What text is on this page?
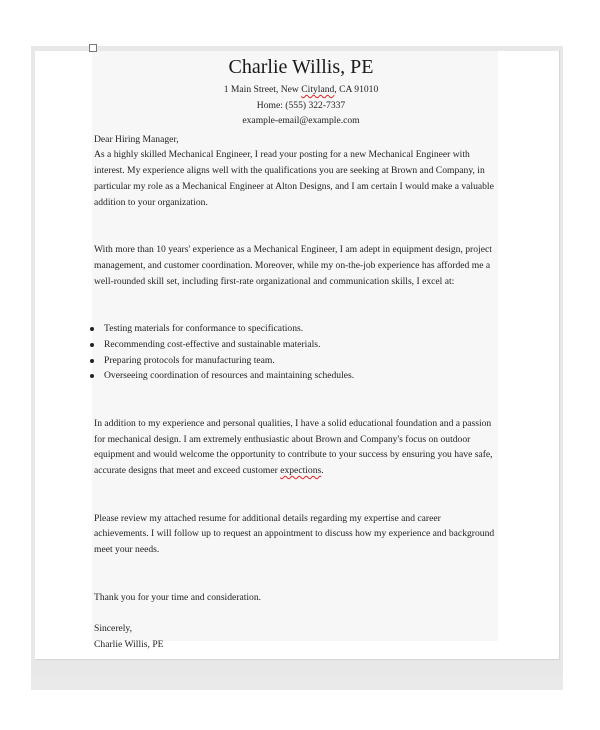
Charlie Willis, PE
1 Main Street, New Cityland, CA 91010
Home: (555) 322-7337
example-email@example.com

Dear Hiring Manager,

As a highly skilled Mechanical Engineer, I read your posting for a new Mechanical Engineer with interest. My experience aligns well with the qualifications you are seeking at Brown and Company, in particular my role as a Mechanical Engineer at Alton Designs, and I am certain I would make a valuable addition to your organization.

With more than 10 years' experience as a Mechanical Engineer, I am adept in equipment design, project management, and customer coordination. Moreover, while my on-the-job experience has afforded me a well-rounded skill set, including first-rate organizational and communication skills, I excel at:

Testing materials for conformance to specifications.
Recommending cost-effective and sustainable materials.
Preparing protocols for manufacturing team.
Overseeing coordination of resources and maintaining schedules.

In addition to my experience and personal qualities, I have a solid educational foundation and a passion for mechanical design. I am extremely enthusiastic about Brown and Company's focus on outdoor equipment and would welcome the opportunity to contribute to your success by ensuring you have safe, accurate designs that meet and exceed customer expections.

Please review my attached resume for additional details regarding my expertise and career achievements. I will follow up to request an appointment to discuss how my experience and background meet your needs.

Thank you for your time and consideration.

Sincerely,

Charlie Willis, PE
